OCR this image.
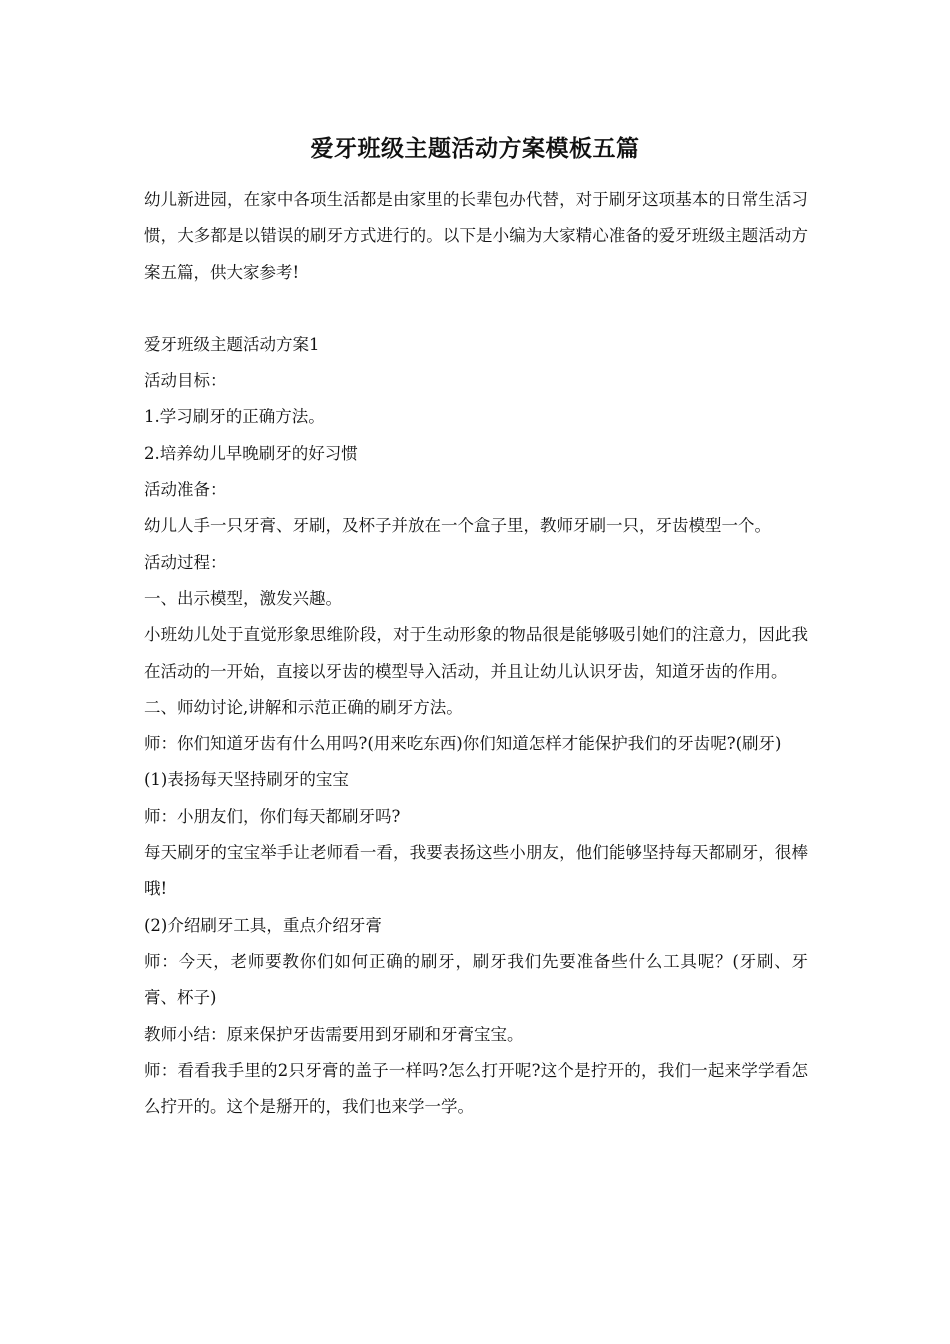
爱牙班级主题活动方案模板五篇

幼儿新进园，在家中各项生活都是由家里的长辈包办代替，对于刷牙这项基本的日常生活习惯，大多都是以错误的刷牙方式进行的。以下是小编为大家精心准备的爱牙班级主题活动方案五篇，供大家参考!

爱牙班级主题活动方案1

活动目标：

1.学习刷牙的正确方法。

2.培养幼儿早晚刷牙的好习惯

活动准备：

幼儿人手一只牙膏、牙刷，及杯子并放在一个盒子里，教师牙刷一只，牙齿模型一个。

活动过程：

一、出示模型，激发兴趣。

小班幼儿处于直觉形象思维阶段，对于生动形象的物品很是能够吸引她们的注意力，因此我在活动的一开始，直接以牙齿的模型导入活动，并且让幼儿认识牙齿，知道牙齿的作用。

二、师幼讨论,讲解和示范正确的刷牙方法。

师：你们知道牙齿有什么用吗?(用来吃东西)你们知道怎样才能保护我们的牙齿呢?(刷牙)

(1)表扬每天坚持刷牙的宝宝

师：小朋友们，你们每天都刷牙吗?

每天刷牙的宝宝举手让老师看一看，我要表扬这些小朋友，他们能够坚持每天都刷牙，很棒哦!

(2)介绍刷牙工具，重点介绍牙膏

师：今天，老师要教你们如何正确的刷牙，刷牙我们先要准备些什么工具呢？(牙刷、牙膏、杯子)

教师小结：原来保护牙齿需要用到牙刷和牙膏宝宝。

师：看看我手里的2只牙膏的盖子一样吗?怎么打开呢?这个是拧开的，我们一起来学学看怎么拧开的。这个是掰开的，我们也来学一学。
